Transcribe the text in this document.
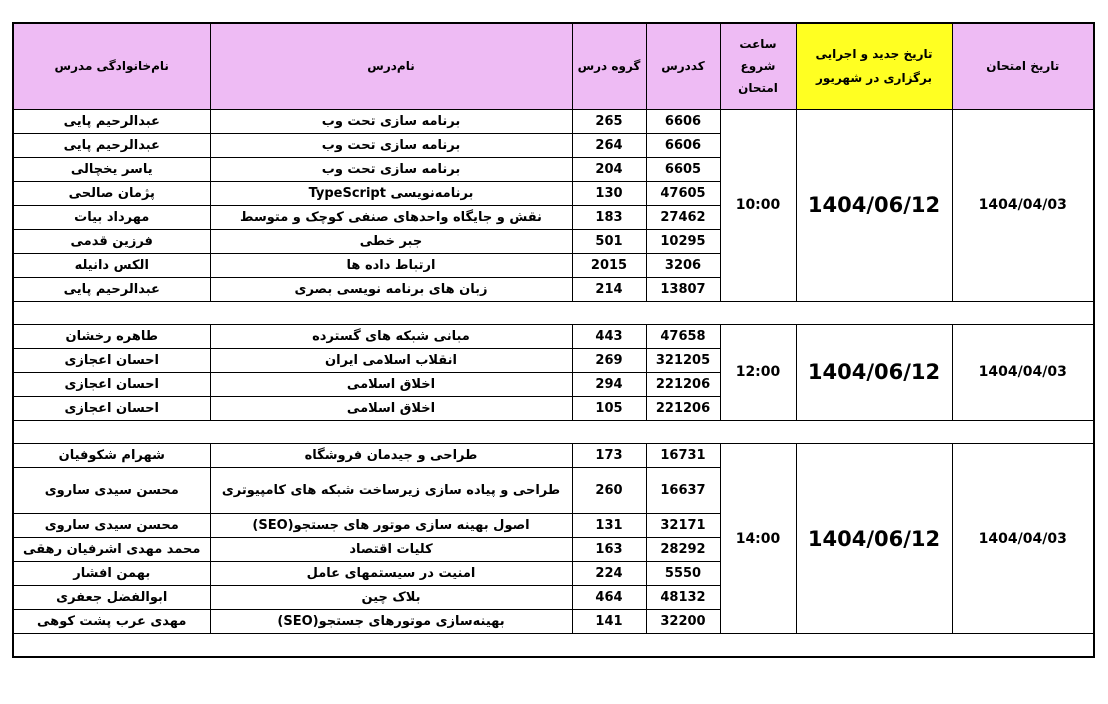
نام‌خانوادگی مدرس	نام‌درس	گروه درس	کد‌درس	ساعت شروع امتحان	تاریخ جدید و اجرایی برگزاری در شهریور	تاریخ امتحان
عبدالرحیم پایی	برنامه سازی تحت وب	265	6606	10:00	1404/06/12	1404/04/03
عبدالرحیم پایی	برنامه سازی تحت وب	264	6606			
یاسر یخچالی	برنامه سازی تحت وب	204	6605			
پژمان صالحی	برنامه‌نویسی TypeScript	130	47605			
مهرداد بیات	نقش و جایگاه واحدهای صنفی کوچک و متوسط	183	27462			
فرزین قدمی	جبر خطی	501	10295			
الکس دانیله	ارتباط داده ها	2015	3206			
عبدالرحیم پایی	زبان های برنامه نویسی بصری	214	13807			

طاهره رخشان	مبانی شبکه های گسترده	443	47658	12:00	1404/06/12	1404/04/03
احسان اعجازی	انقلاب اسلامی ایران	269	321205			
احسان اعجازی	اخلاق اسلامی	294	221206			
احسان اعجازی	اخلاق اسلامی	105	221206			

شهرام شکوفیان	طراحی و جیدمان فروشگاه	173	16731	14:00	1404/06/12	1404/04/03
محسن سیدی ساروی	طراحی و پیاده سازی زیرساخت شبکه های کامپیوتری	260	16637			
محسن سیدی ساروی	اصول بهینه سازی موتور های جستجو(SEO)	131	32171			
محمد مهدی اشرفیان رهقی	کلیات اقتصاد	163	28292			
بهمن افشار	امنیت در سیستمهای عامل	224	5550			
ابوالفضل جعفری	بلاک چین	464	48132			
مهدی عرب پشت کوهی	بهینه‌سازی موتورهای جستجو(SEO)	141	32200			
